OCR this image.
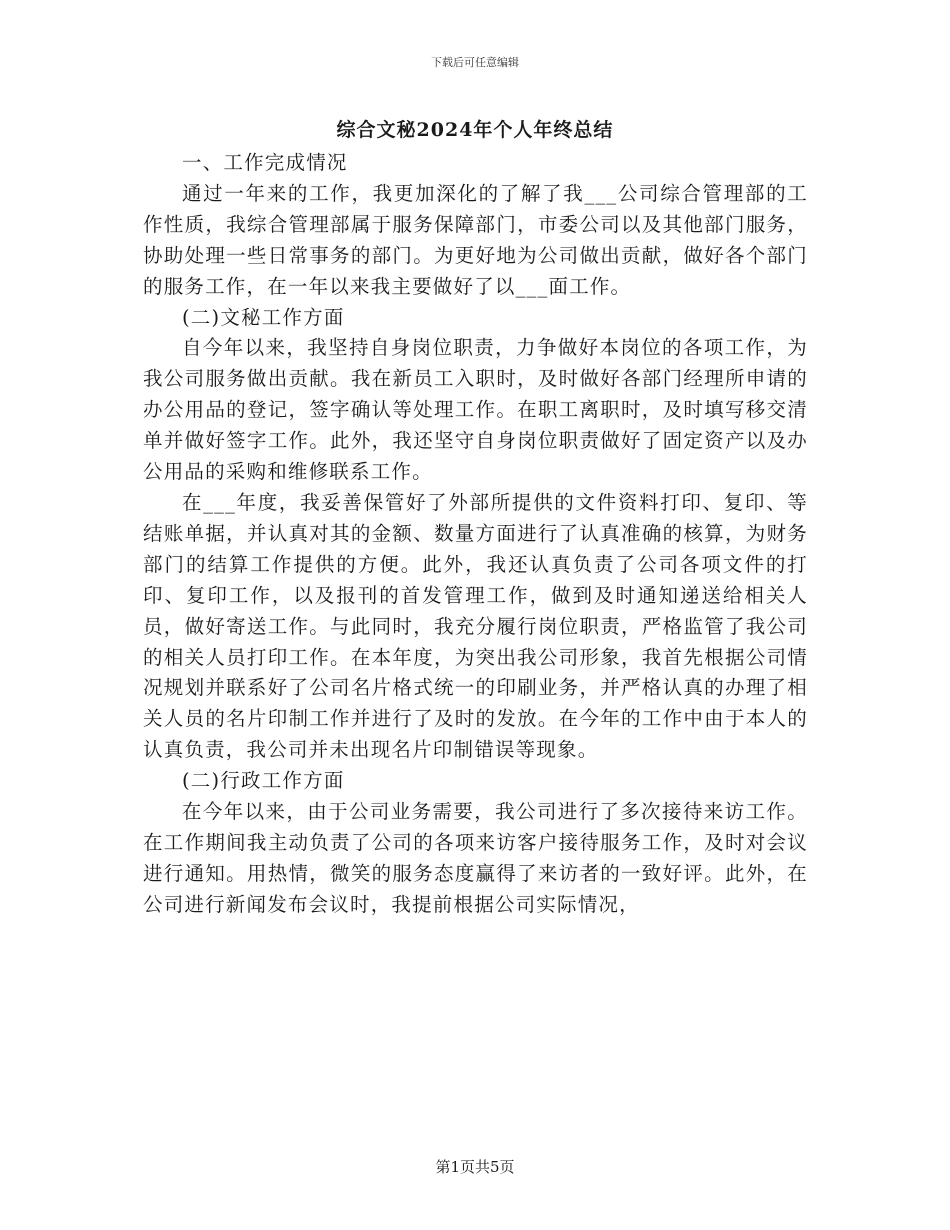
下载后可任意编辑
综合文秘2024年个人年终总结

一、工作完成情况

通过一年来的工作，我更加深化的了解了我___公司综合管理部的工作性质，我综合管理部属于服务保障部门，市委公司以及其他部门服务，协助处理一些日常事务的部门。为更好地为公司做出贡献，做好各个部门的服务工作，在一年以来我主要做好了以___面工作。

(二)文秘工作方面

自今年以来，我坚持自身岗位职责，力争做好本岗位的各项工作，为我公司服务做出贡献。我在新员工入职时，及时做好各部门经理所申请的办公用品的登记，签字确认等处理工作。在职工离职时，及时填写移交清单并做好签字工作。此外，我还坚守自身岗位职责做好了固定资产以及办公用品的采购和维修联系工作。

在___年度，我妥善保管好了外部所提供的文件资料打印、复印、等结账单据，并认真对其的金额、数量方面进行了认真准确的核算，为财务部门的结算工作提供的方便。此外，我还认真负责了公司各项文件的打印、复印工作，以及报刊的首发管理工作，做到及时通知递送给相关人员，做好寄送工作。与此同时，我充分履行岗位职责，严格监管了我公司的相关人员打印工作。在本年度，为突出我公司形象，我首先根据公司情况规划并联系好了公司名片格式统一的印刷业务，并严格认真的办理了相关人员的名片印制工作并进行了及时的发放。在今年的工作中由于本人的认真负责，我公司并未出现名片印制错误等现象。

(二)行政工作方面

在今年以来，由于公司业务需要，我公司进行了多次接待来访工作。在工作期间我主动负责了公司的各项来访客户接待服务工作，及时对会议进行通知。用热情，微笑的服务态度赢得了来访者的一致好评。此外，在公司进行新闻发布会议时，我提前根据公司实际情况，

第1页共5页
